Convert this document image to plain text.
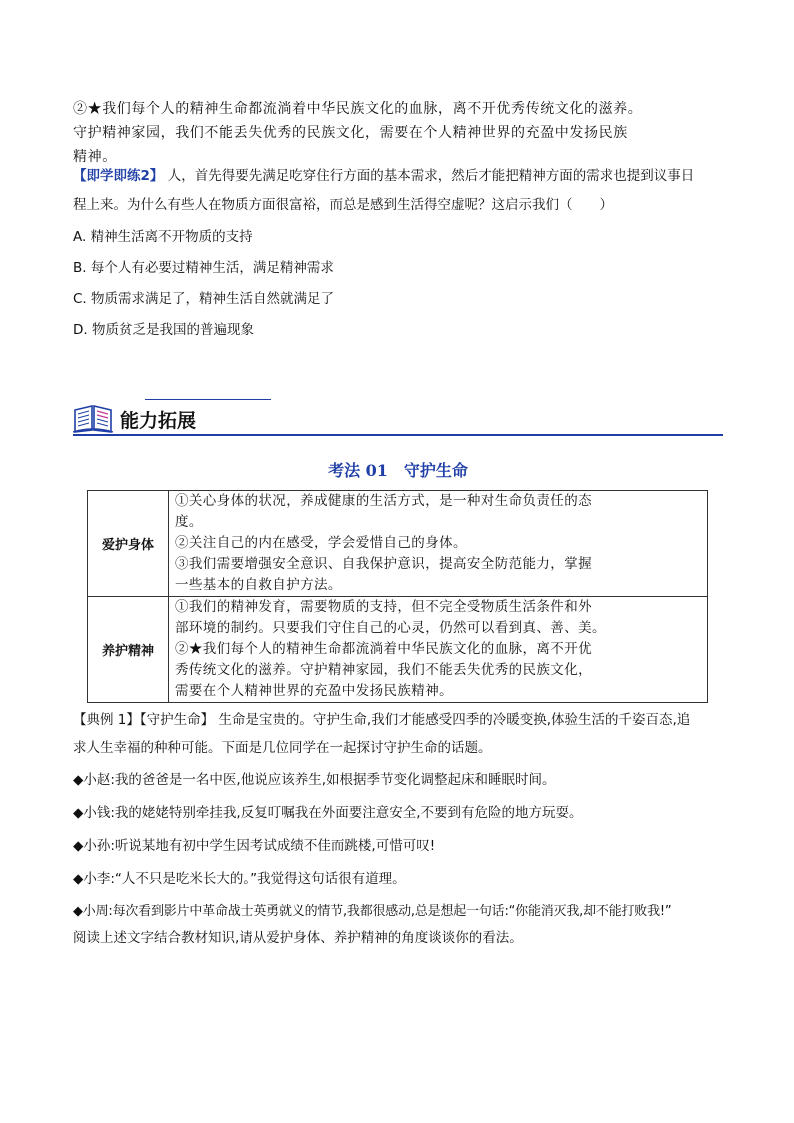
②★我们每个人的精神生命都流淌着中华民族文化的血脉，离不开优秀传统文化的滋养。

守护精神家园，我们不能丢失优秀的民族文化，需要在个人精神世界的充盈中发扬民族

精神。

【即学即练2】 人，首先得要先满足吃穿住行方面的基本需求，然后才能把精神方面的需求也提到议事日

程上来。为什么有些人在物质方面很富裕，而总是感到生活得空虚呢？这启示我们（　　）

A. 精神生活离不开物质的支持

B. 每个人有必要过精神生活，满足精神需求

C. 物质需求满足了，精神生活自然就满足了

D. 物质贫乏是我国的普遍现象

能力拓展
考法 01　守护生命
爱护身体	①关心身体的状况，养成健康的生活方式，是一种对生命负责任的态
度。
②关注自己的内在感受，学会爱惜自己的身体。
③我们需要增强安全意识、自我保护意识，提高安全防范能力，掌握
一些基本的自救自护方法。

养护精神	①我们的精神发育，需要物质的支持，但不完全受物质生活条件和外
部环境的制约。只要我们守住自己的心灵，仍然可以看到真、善、美。
②★我们每个人的精神生命都流淌着中华民族文化的血脉，离不开优
秀传统文化的滋养。守护精神家园，我们不能丢失优秀的民族文化，
需要在个人精神世界的充盈中发扬民族精神。

【典例 1】【守护生命】 生命是宝贵的。守护生命,我们才能感受四季的冷暖变换,体验生活的千姿百态,追

求人生幸福的种种可能。下面是几位同学在一起探讨守护生命的话题。

◆小赵:我的爸爸是一名中医,他说应该养生,如根据季节变化调整起床和睡眠时间。

◆小钱:我的姥姥特别牵挂我,反复叮嘱我在外面要注意安全,不要到有危险的地方玩耍。

◆小孙:听说某地有初中学生因考试成绩不佳而跳楼,可惜可叹!

◆小李:“人不只是吃米长大的。”我觉得这句话很有道理。

◆小周:每次看到影片中革命战士英勇就义的情节,我都很感动,总是想起一句话:“你能消灭我,却不能打败我!”

阅读上述文字结合教材知识,请从爱护身体、养护精神的角度谈谈你的看法。
